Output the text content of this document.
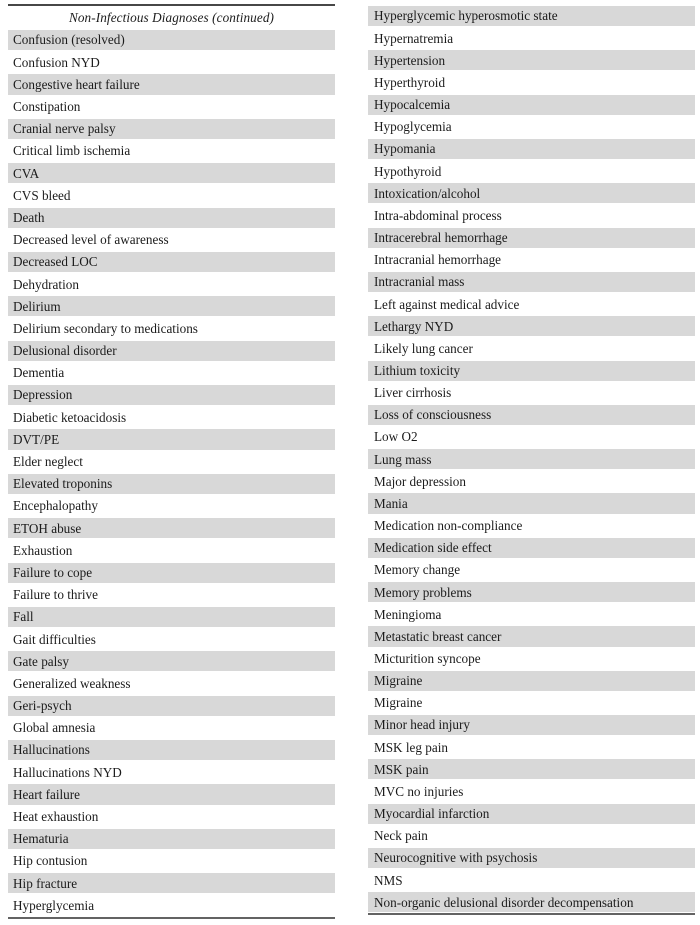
Non-Infectious Diagnoses (continued)
Confusion (resolved)
Confusion NYD
Congestive heart failure
Constipation
Cranial nerve palsy
Critical limb ischemia
CVA
CVS bleed
Death
Decreased level of awareness
Decreased LOC
Dehydration
Delirium
Delirium secondary to medications
Delusional disorder
Dementia
Depression
Diabetic ketoacidosis
DVT/PE
Elder neglect
Elevated troponins
Encephalopathy
ETOH abuse
Exhaustion
Failure to cope
Failure to thrive
Fall
Gait difficulties
Gate palsy
Generalized weakness
Geri-psych
Global amnesia
Hallucinations
Hallucinations NYD
Heart failure
Heat exhaustion
Hematuria
Hip contusion
Hip fracture
Hyperglycemia
Hyperglycemic hyperosmotic state
Hypernatremia
Hypertension
Hyperthyroid
Hypocalcemia
Hypoglycemia
Hypomania
Hypothyroid
Intoxication/alcohol
Intra-abdominal process
Intracerebral hemorrhage
Intracranial hemorrhage
Intracranial mass
Left against medical advice
Lethargy NYD
Likely lung cancer
Lithium toxicity
Liver cirrhosis
Loss of consciousness
Low O2
Lung mass
Major depression
Mania
Medication non-compliance
Medication side effect
Memory change
Memory problems
Meningioma
Metastatic breast cancer
Micturition syncope
Migraine
Migraine
Minor head injury
MSK leg pain
MSK pain
MVC no injuries
Myocardial infarction
Neck pain
Neurocognitive with psychosis
NMS
Non-organic delusional disorder decompensation
